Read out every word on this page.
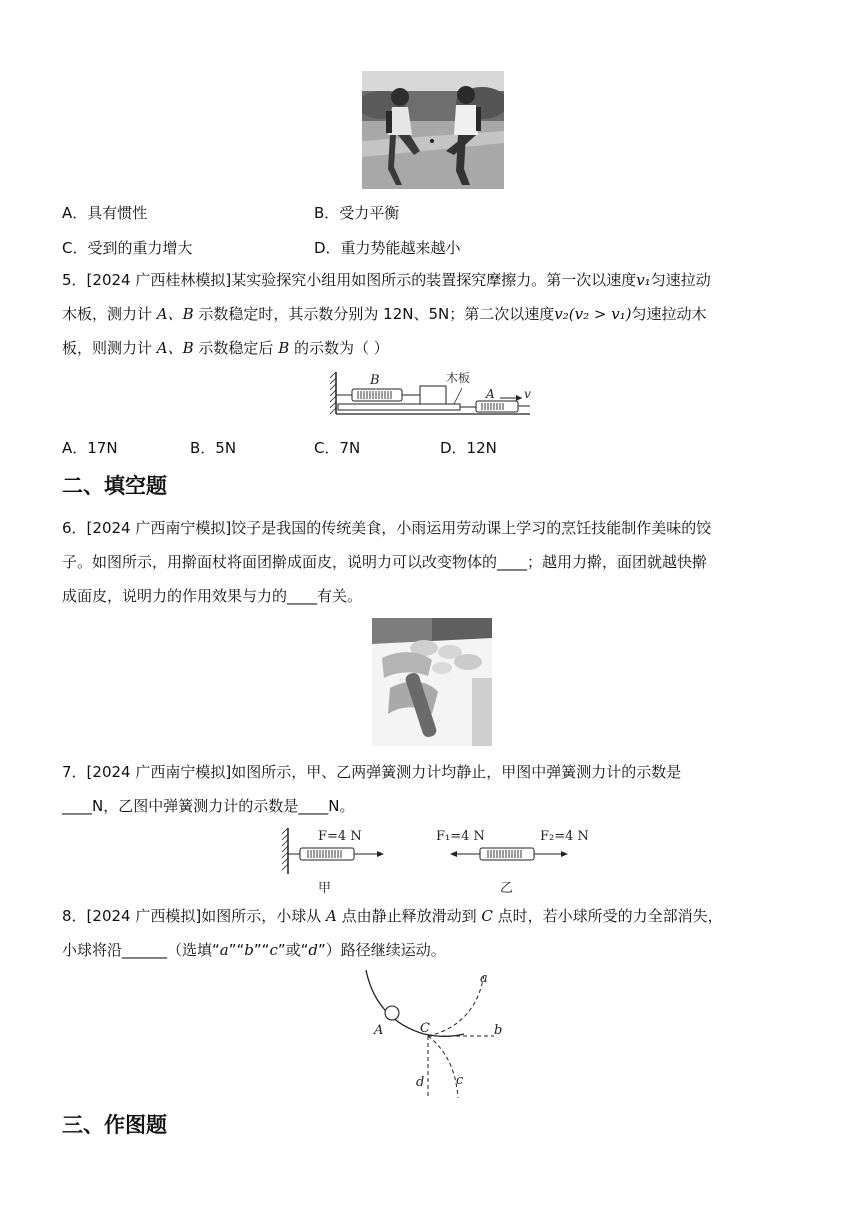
A．具有惯性	B．受力平衡
C．受到的重力增大	D．重力势能越来越小
5．[2024 广西桂林模拟]某实验探究小组用如图所示的装置探究摩擦力。第一次以速度v₁匀速拉动
木板，测力计 A、B 示数稳定时，其示数分别为 12N、5N；第二次以速度v₂(v₂ > v₁)匀速拉动木
板，则测力计 A、B 示数稳定后 B 的示数为（ ）
B	木板
A v
A．17N	B．5N	C．7N	D．12N
二、填空题
6．[2024 广西南宁模拟]饺子是我国的传统美食，小雨运用劳动课上学习的烹饪技能制作美味的饺
子。如图所示，用擀面杖将面团擀成面皮，说明力可以改变物体的____；越用力擀，面团就越快擀
成面皮，说明力的作用效果与力的____有关。
7．[2024 广西南宁模拟]如图所示，甲、乙两弹簧测力计均静止，甲图中弹簧测力计的示数是
____N，乙图中弹簧测力计的示数是____N。
F=4 N
甲
F₁=4 N	F₂=4 N
乙
8．[2024 广西模拟]如图所示，小球从 A 点由静止释放滑动到 C 点时，若小球所受的力全部消失，
小球将沿______（选填“a”“b”“c”或“d”）路径继续运动。
a
b
c
d
A	C
三、作图题
